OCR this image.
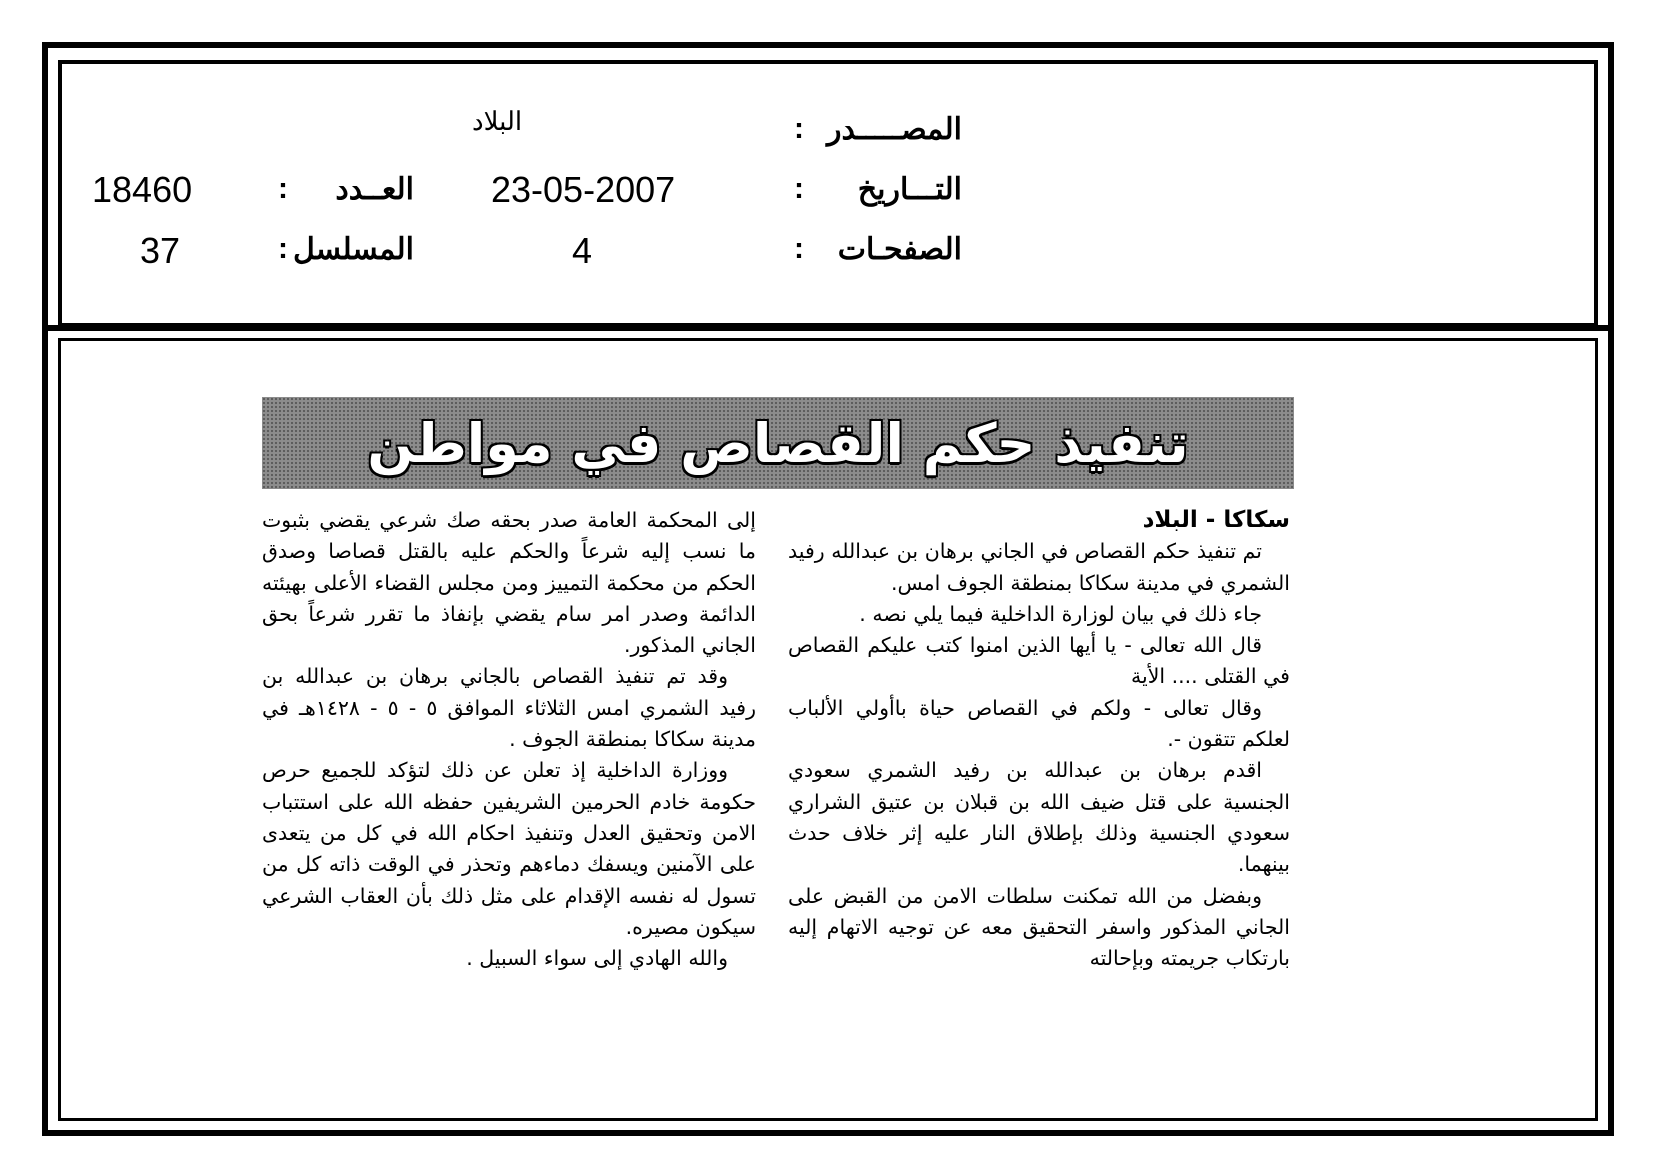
المصـــــدر
:
البلاد
التـــاريخ
:
23-05-2007
الصفحـات
:
4
العــدد
:
18460
المسلسل
:
37
تنفيذ حكم القصاص في مواطن

سكاكا - البلاد

تم تنفيذ حكم القصاص في الجاني برهان بن عبدالله رفيد الشمري في مدينة سكاكا بمنطقة الجوف امس.

جاء ذلك في بيان لوزارة الداخلية فيما يلي نصه .

قال الله تعالى - يا أيها الذين امنوا كتب عليكم القصاص في القتلى .... الأية

وقال تعالى - ولكم في القصاص حياة باأولي الألباب لعلكم تتقون -.

اقدم برهان بن عبدالله بن رفيد الشمري سعودي الجنسية على قتل ضيف الله بن قبلان بن عتيق الشراري سعودي الجنسية وذلك بإطلاق النار عليه إثر خلاف حدث بينهما.

وبفضل من الله تمكنت سلطات الامن من القبض على الجاني المذكور واسفر التحقيق معه عن توجيه الاتهام إليه بارتكاب جريمته وبإحالته

إلى المحكمة العامة صدر بحقه صك شرعي يقضي بثبوت ما نسب إليه شرعاً والحكم عليه بالقتل قصاصا وصدق الحكم من محكمة التمييز ومن مجلس القضاء الأعلى بهيئته الدائمة وصدر امر سام يقضي بإنفاذ ما تقرر شرعاً بحق الجاني المذكور.

وقد تم تنفيذ القصاص بالجاني برهان بن عبدالله بن رفيد الشمري امس الثلاثاء الموافق ٥ - ٥ - ١٤٢٨هـ في مدينة سكاكا بمنطقة الجوف .

ووزارة الداخلية إذ تعلن عن ذلك لتؤكد للجميع حرص حكومة خادم الحرمين الشريفين حفظه الله على استتباب الامن وتحقيق العدل وتنفيذ احكام الله في كل من يتعدى على الآمنين ويسفك دماءهم وتحذر في الوقت ذاته كل من تسول له نفسه الإقدام على مثل ذلك بأن العقاب الشرعي سيكون مصيره.

والله الهادي إلى سواء السبيل .
